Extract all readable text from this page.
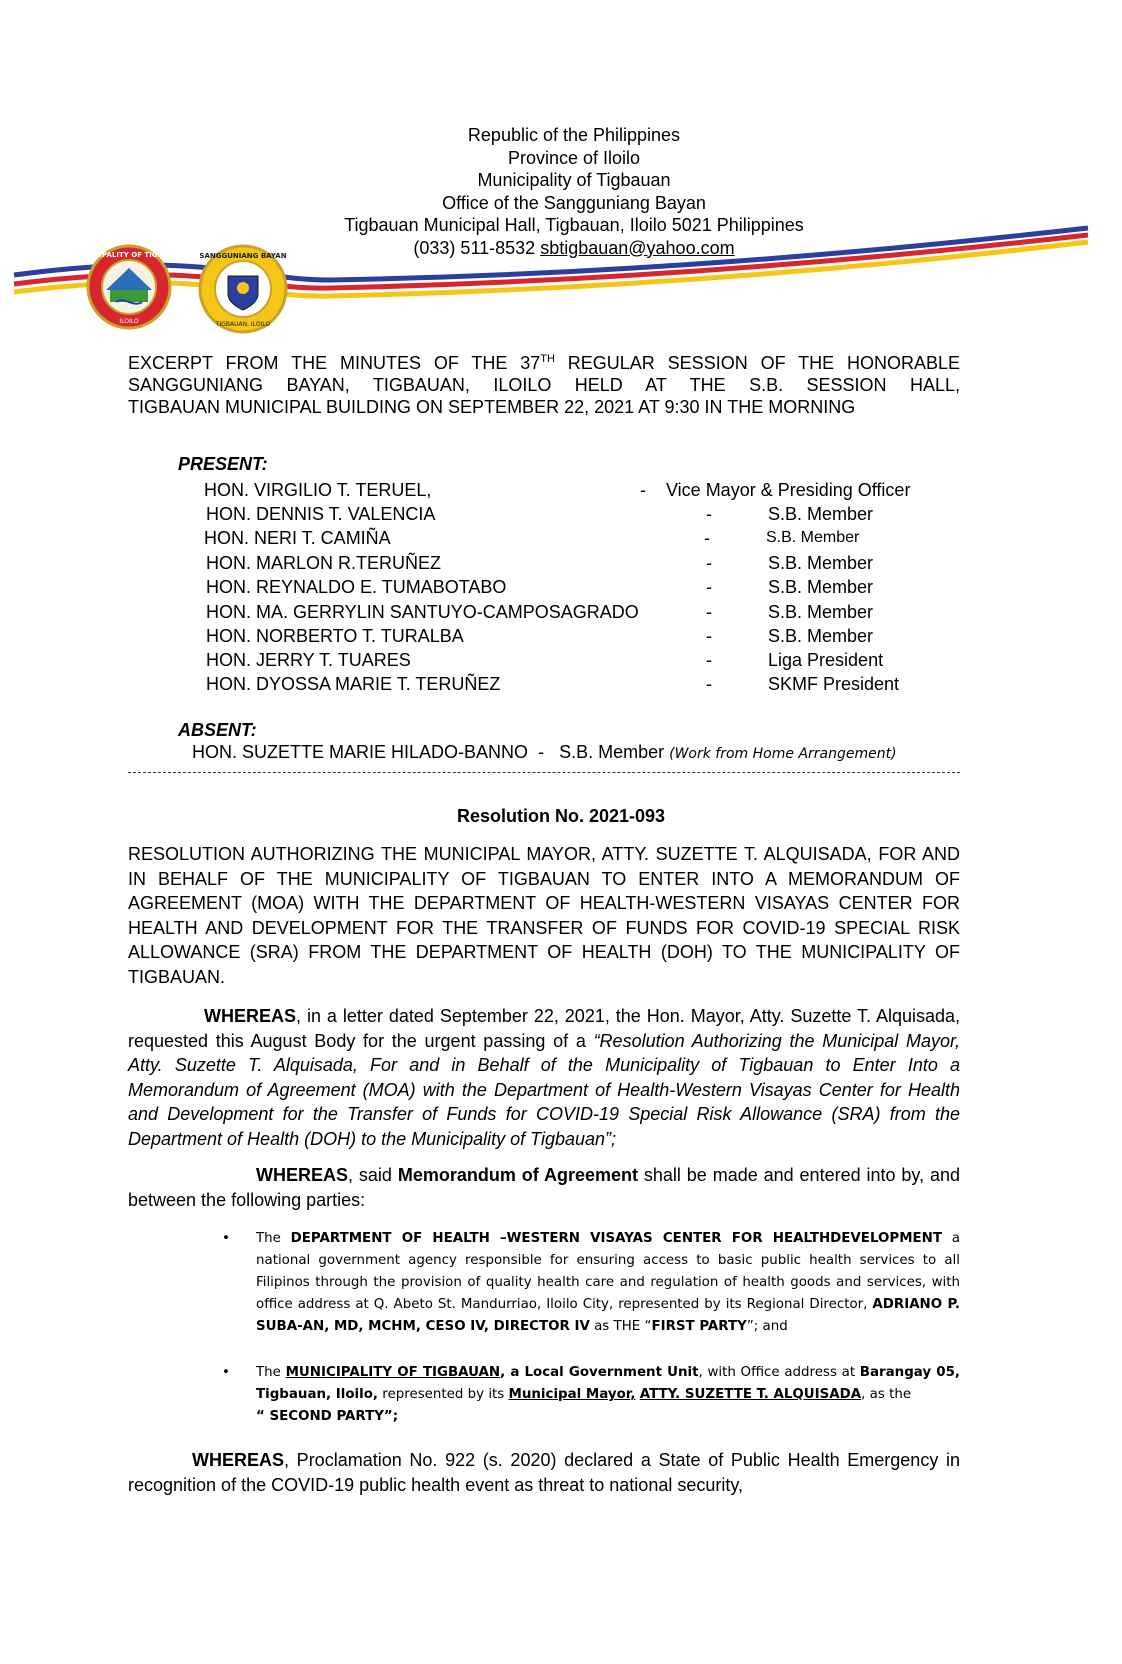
Republic of the Philippines
Province of Iloilo
Municipality of Tigbauan
Office of the Sangguniang Bayan
Tigbauan Municipal Hall, Tigbauan, Iloilo 5021 Philippines
(033) 511-8532 sbtigbauan@yahoo.com
MUNICIPALITY OF TIGBAUAN
ILOILO
SANGGUNIANG BAYAN
TIGBAUAN, ILOILO
EXCERPT FROM THE MINUTES OF THE 37TH REGULAR SESSION OF THE HONORABLE
SANGGUNIANG BAYAN, TIGBAUAN, ILOILO HELD AT THE S.B. SESSION HALL,
TIGBAUAN MUNICIPAL BUILDING ON SEPTEMBER 22, 2021 AT 9:30 IN THE MORNING
PRESENT:
HON. VIRGILIO T. TERUEL,	- Vice Mayor & Presiding Officer
HON. DENNIS T. VALENCIA	-	S.B. Member
HON. NERI T. CAMIÑA	-	S.B. Member
HON. MARLON R.TERUÑEZ	-	S.B. Member
HON. REYNALDO E. TUMABOTABO	-	S.B. Member
HON. MA. GERRYLIN SANTUYO-CAMPOSAGRADO	-	S.B. Member
HON. NORBERTO T. TURALBA	-	S.B. Member
HON. JERRY T. TUARES	-	Liga President
HON. DYOSSA MARIE T. TERUÑEZ	-	SKMF President
ABSENT:
HON. SUZETTE MARIE HILADO-BANNO - S.B. Member (Work from Home Arrangement)
Resolution No. 2021-093
RESOLUTION AUTHORIZING THE MUNICIPAL MAYOR, ATTY. SUZETTE T. ALQUISADA, FOR AND IN BEHALF OF THE MUNICIPALITY OF TIGBAUAN TO ENTER INTO A MEMORANDUM OF AGREEMENT (MOA) WITH THE DEPARTMENT OF HEALTH-WESTERN VISAYAS CENTER FOR HEALTH AND DEVELOPMENT FOR THE TRANSFER OF FUNDS FOR COVID-19 SPECIAL RISK ALLOWANCE (SRA) FROM THE DEPARTMENT OF HEALTH (DOH) TO THE MUNICIPALITY OF TIGBAUAN.
WHEREAS, in a letter dated September 22, 2021, the Hon. Mayor, Atty. Suzette T. Alquisada, requested this August Body for the urgent passing of a “Resolution Authorizing the Municipal Mayor, Atty. Suzette T. Alquisada, For and in Behalf of the Municipality of Tigbauan to Enter Into a Memorandum of Agreement (MOA) with the Department of Health-Western Visayas Center for Health and Development for the Transfer of Funds for COVID-19 Special Risk Allowance (SRA) from the Department of Health (DOH) to the Municipality of Tigbauan”;
WHEREAS, said Memorandum of Agreement shall be made and entered into by, and between the following parties:
• The DEPARTMENT OF HEALTH –WESTERN VISAYAS CENTER FOR HEALTHDEVELOPMENT a national government agency responsible for ensuring access to basic public health services to all Filipinos through the provision of quality health care and regulation of health goods and services, with office address at Q. Abeto St. Mandurriao, Iloilo City, represented by its Regional Director, ADRIANO P. SUBA-AN, MD, MCHM, CESO IV, DIRECTOR IV as THE “FIRST PARTY”; and
• The MUNICIPALITY OF TIGBAUAN, a Local Government Unit, with Office address at Barangay 05, Tigbauan, Iloilo, represented by its Municipal Mayor, ATTY. SUZETTE T. ALQUISADA, as the
“ SECOND PARTY”;
WHEREAS, Proclamation No. 922 (s. 2020) declared a State of Public Health Emergency in recognition of the COVID-19 public health event as threat to national security,
